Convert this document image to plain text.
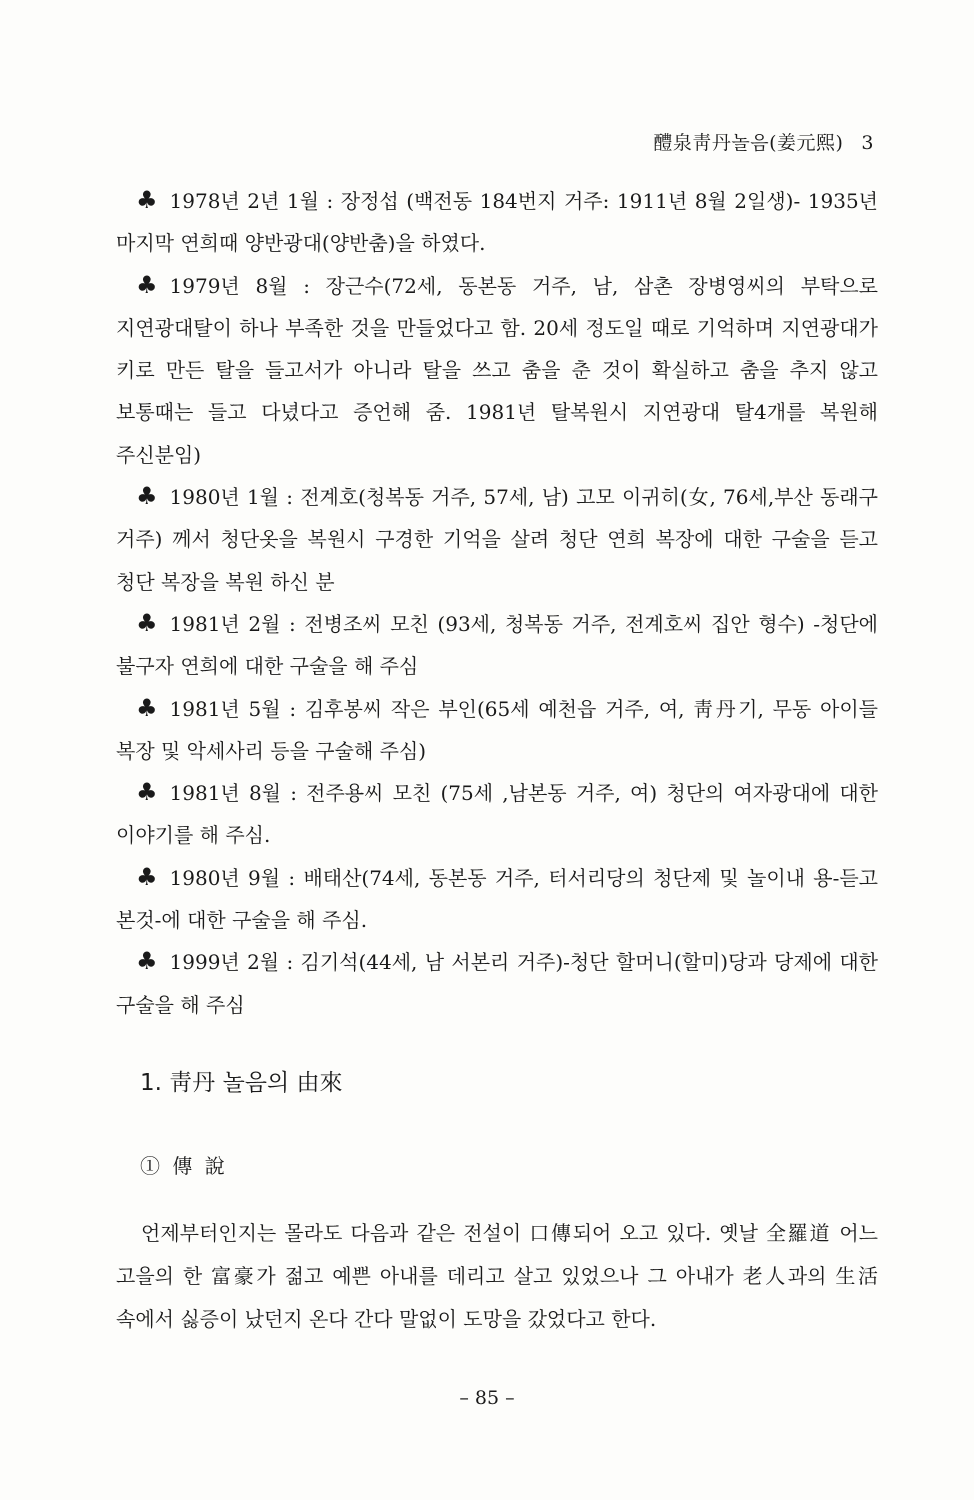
醴泉靑丹놀음(姜元熙) 3

♣ 1978년 2년 1월 : 장정섭 (백전동 184번지 거주: 1911년 8월 2일생)- 1935년 마지막 연희때 양반광대(양반춤)을 하였다.

♣ 1979년 8월 : 장근수(72세, 동본동 거주, 남, 삼촌 장병영씨의 부탁으로 지연광대탈이 하나 부족한 것을 만들었다고 함. 20세 정도일 때로 기억하며 지연광대가 키로 만든 탈을 들고서가 아니라 탈을 쓰고 춤을 춘 것이 확실하고 춤을 추지 않고 보통때는 들고 다녔다고 증언해 줌. 1981년 탈복원시 지연광대 탈4개를 복원해 주신분임)

♣ 1980년 1월 : 전계호(청복동 거주, 57세, 남) 고모 이귀히(女, 76세,부산 동래구 거주) 께서 청단옷을 복원시 구경한 기억을 살려 청단 연희 복장에 대한 구술을 듣고 청단 복장을 복원 하신 분

♣ 1981년 2월 : 전병조씨 모친 (93세, 청복동 거주, 전계호씨 집안 형수) -청단에 불구자 연희에 대한 구술을 해 주심

♣ 1981년 5월 : 김후봉씨 작은 부인(65세 예천읍 거주, 여, 靑丹기, 무동 아이들 복장 및 악세사리 등을 구술해 주심)

♣ 1981년 8월 : 전주용씨 모친 (75세 ,남본동 거주, 여) 청단의 여자광대에 대한 이야기를 해 주심.

♣ 1980년 9월 : 배태산(74세, 동본동 거주, 터서리당의 청단제 및 놀이내 용-듣고 본것-에 대한 구술을 해 주심.

♣ 1999년 2월 : 김기석(44세, 남 서본리 거주)-청단 할머니(할미)당과 당제에 대한 구술을 해 주심

1. 靑丹 놀음의 由來
① 傳 說

언제부터인지는 몰라도 다음과 같은 전설이 口傳되어 오고 있다. 옛날 全羅道 어느 고을의 한 富豪가 젊고 예쁜 아내를 데리고 살고 있었으나 그 아내가 老人과의 生活 속에서 싫증이 났던지 온다 간다 말없이 도망을 갔었다고 한다.

– 85 –
